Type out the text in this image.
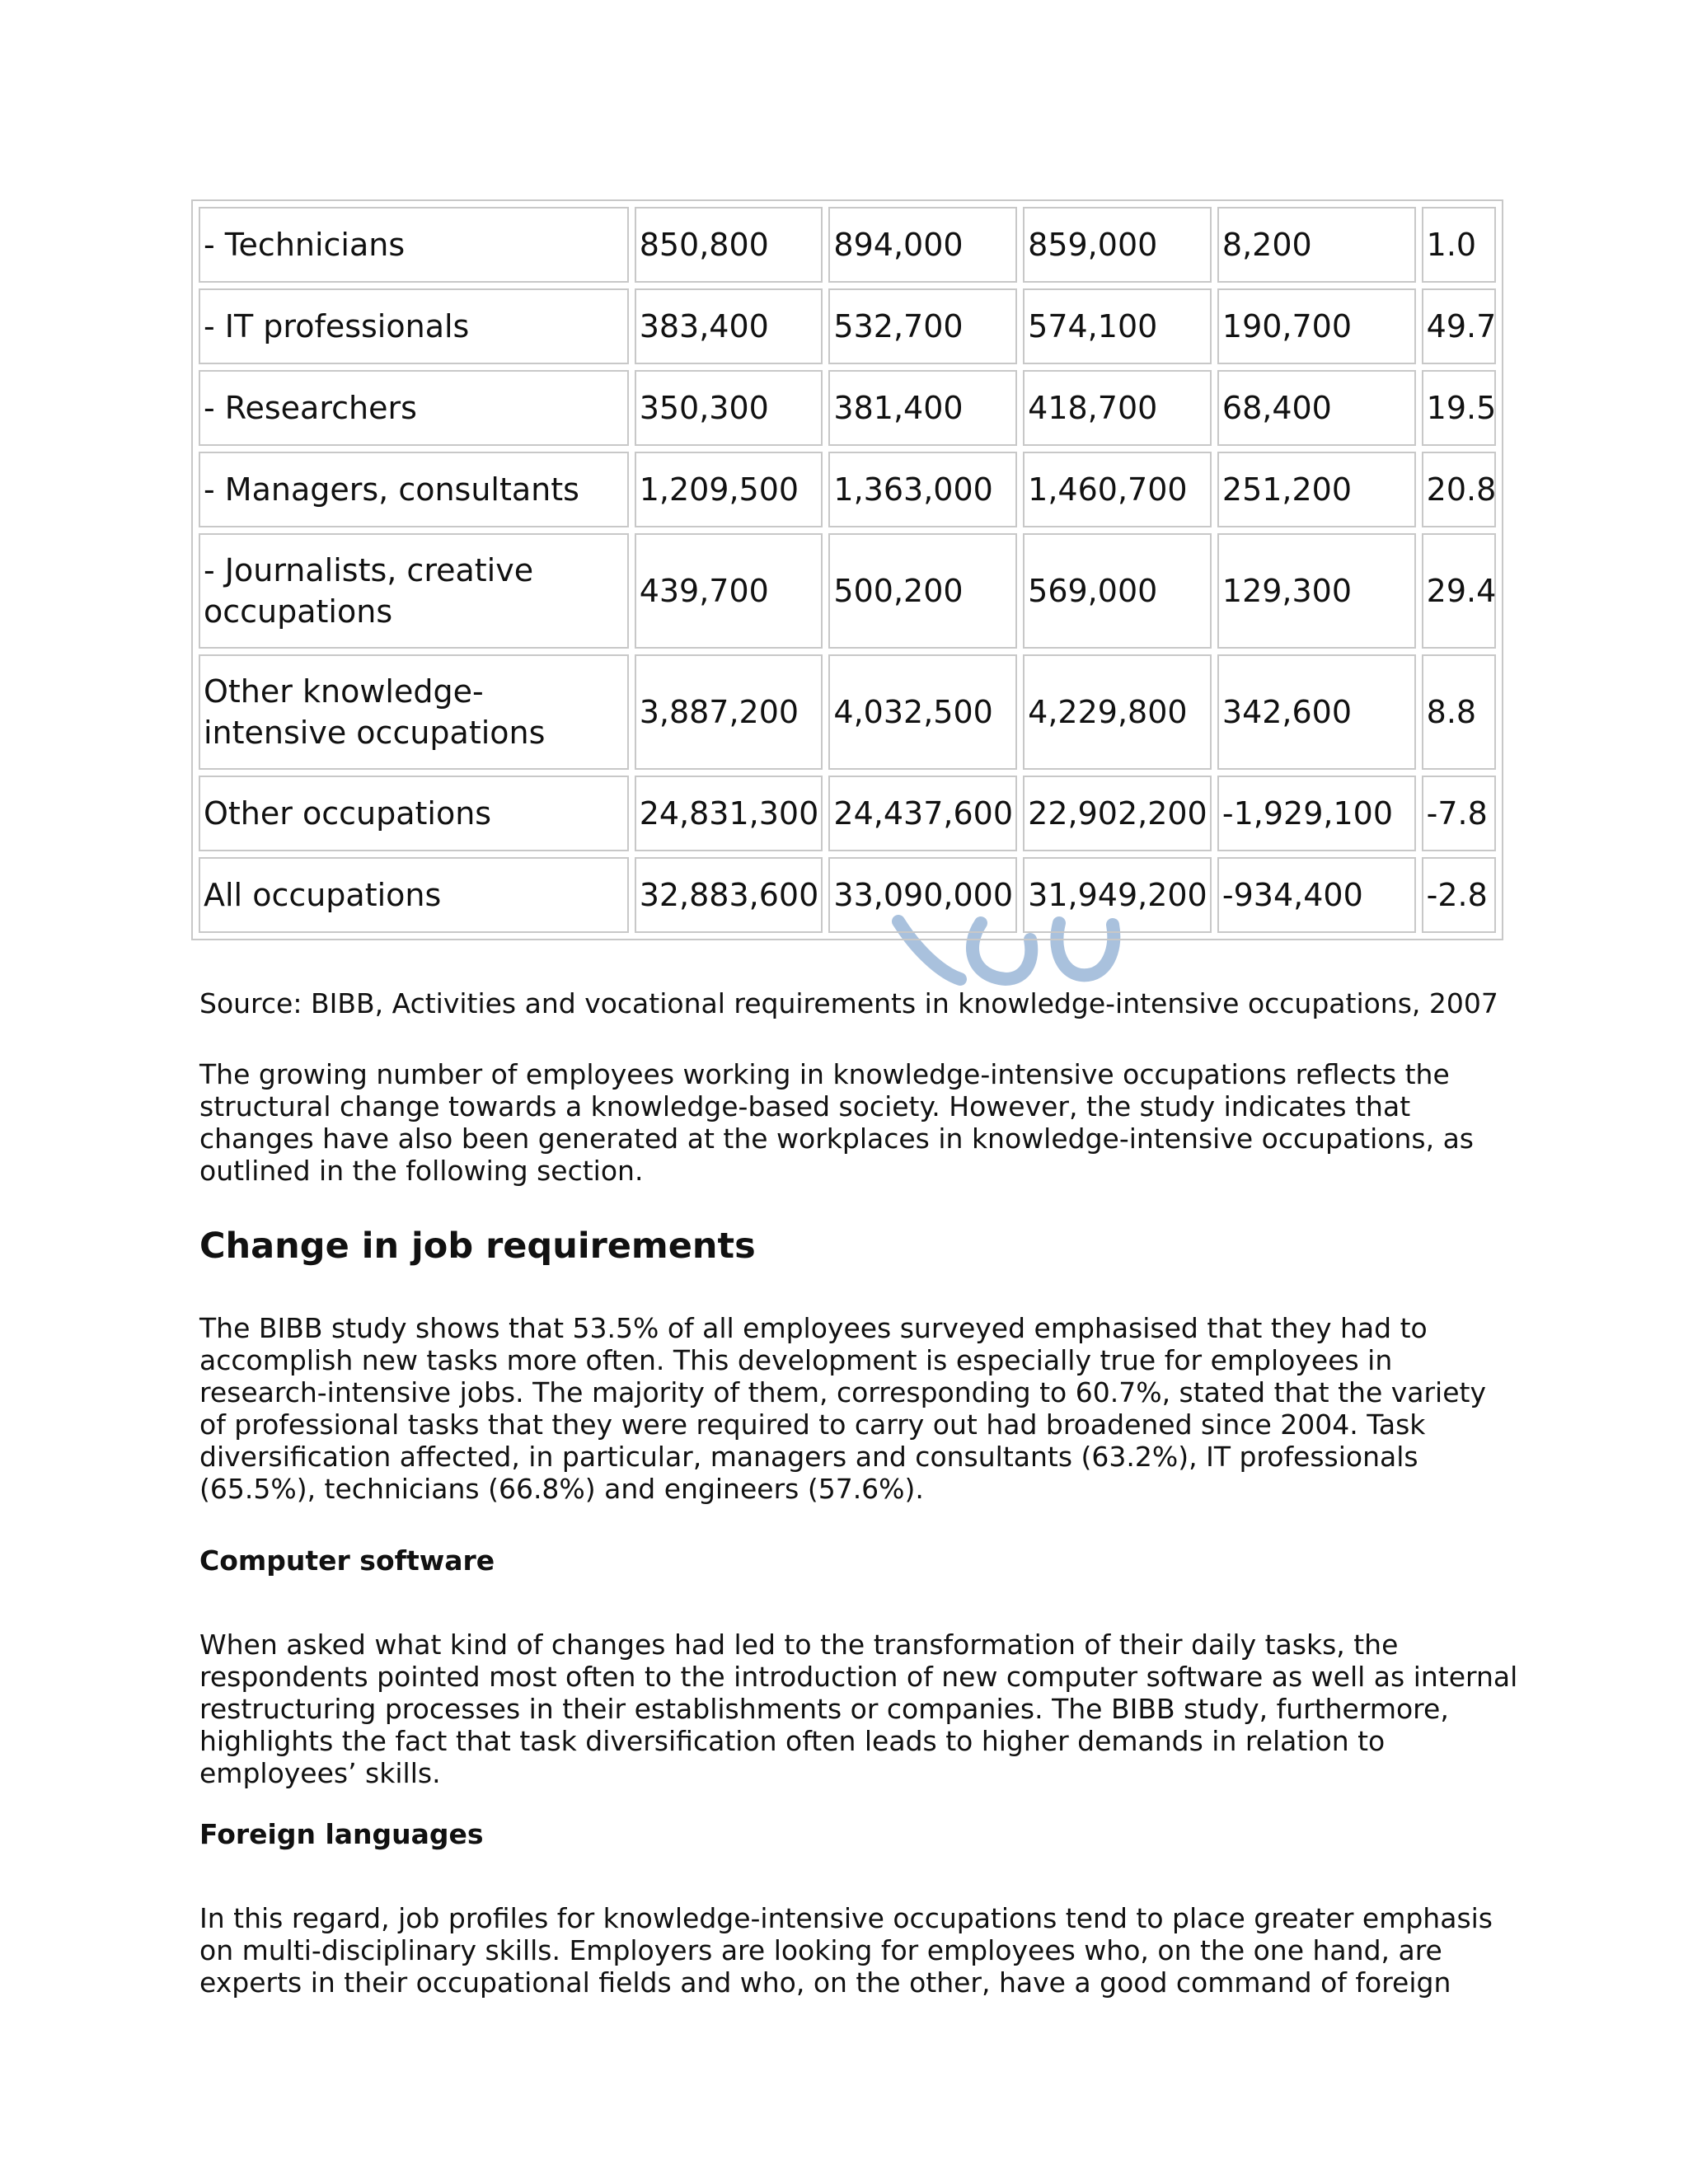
- Technicians	850,800	894,000	859,000	8,200	1.0
- IT professionals	383,400	532,700	574,100	190,700	49.7
- Researchers	350,300	381,400	418,700	68,400	19.5
- Managers, consultants	1,209,500	1,363,000	1,460,700	251,200	20.8
- Journalists, creative occupations	439,700	500,200	569,000	129,300	29.4
Other knowledge-intensive occupations	3,887,200	4,032,500	4,229,800	342,600	8.8
Other occupations	24,831,300	24,437,600	22,902,200	-1,929,100	-7.8
All occupations	32,883,600	33,090,000	31,949,200	-934,400	-2.8

Source: BIBB, Activities and vocational requirements in knowledge-intensive occupations, 2007

The growing number of employees working in knowledge-intensive occupations reflects the structural change towards a knowledge-based society. However, the study indicates that changes have also been generated at the workplaces in knowledge-intensive occupations, as outlined in the following section.

Change in job requirements

The BIBB study shows that 53.5% of all employees surveyed emphasised that they had to accomplish new tasks more often. This development is especially true for employees in research-intensive jobs. The majority of them, corresponding to 60.7%, stated that the variety of professional tasks that they were required to carry out had broadened since 2004. Task diversification affected, in particular, managers and consultants (63.2%), IT professionals (65.5%), technicians (66.8%) and engineers (57.6%).

Computer software

When asked what kind of changes had led to the transformation of their daily tasks, the respondents pointed most often to the introduction of new computer software as well as internal restructuring processes in their establishments or companies. The BIBB study, furthermore, highlights the fact that task diversification often leads to higher demands in relation to employees’ skills.

Foreign languages

In this regard, job profiles for knowledge-intensive occupations tend to place greater emphasis on multi-disciplinary skills. Employers are looking for employees who, on the one hand, are experts in their occupational fields and who, on the other, have a good command of foreign
